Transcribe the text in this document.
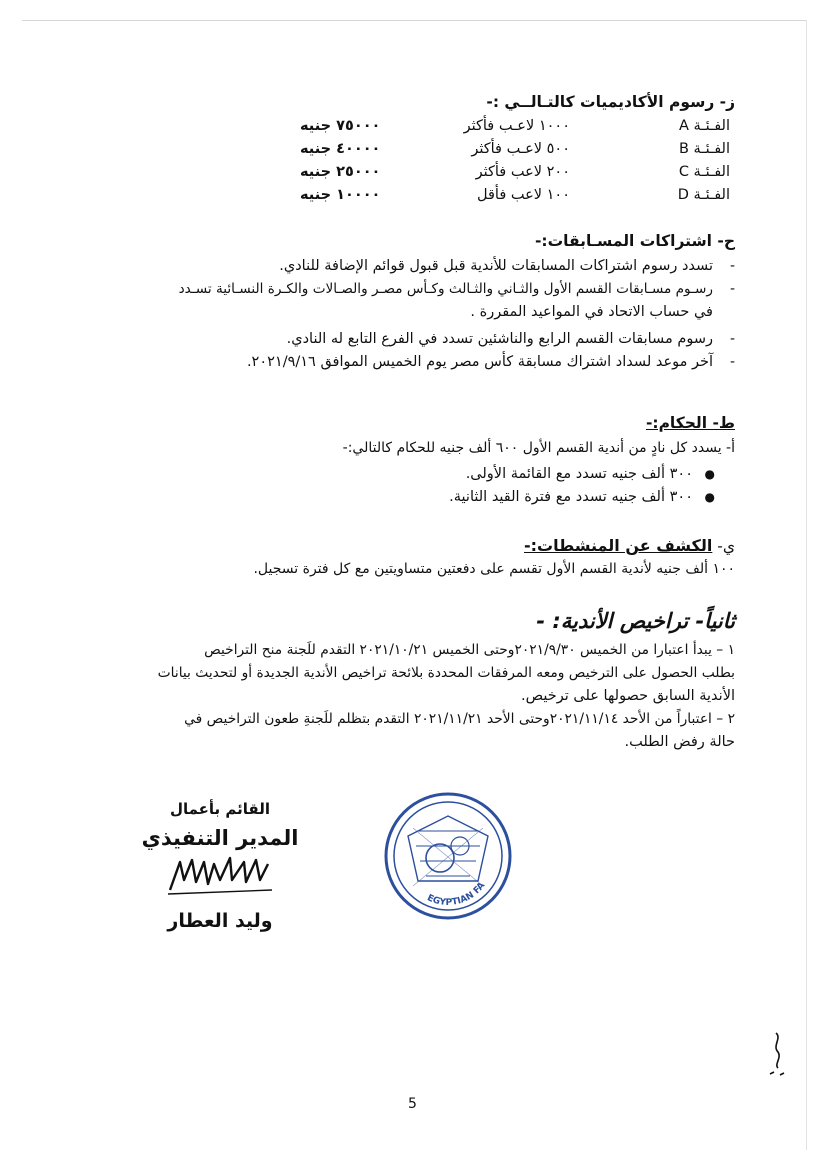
ز- رسوم الأكاديميات كالتـالــي :-
الفـئـة A
١٠٠٠ لاعـب فأكثر
٧٥٠٠٠ جنيه
الفـئـة B
٥٠٠ لاعـب فأكثر
٤٠٠٠٠ جنيه
الفـئـة C
٢٠٠ لاعب فأكثر
٢٥٠٠٠ جنيه
الفـئـة D
١٠٠ لاعب فأقل
١٠٠٠٠ جنيه
ح- اشتراكات المسـابقات:-
-
تسدد رسوم اشتراكات المسابقات للأندية قبل قبول قوائم الإضافة للنادي.
-
رسـوم مسـابقات القسم الأول والثـاني والثـالث وكـأس مصـر والصـالات والكـرة النسـائية تسـدد
في حساب الاتحاد في المواعيد المقررة .
-
رسوم مسابقات القسم الرابع والناشئين تسدد في الفرع التابع له النادي.
-
آخر موعد لسداد اشتراك مسابقة كأس مصر يوم الخميس الموافق ٢٠٢١/٩/١٦.
ط- الحكام:-
أ- يسدد كل نادٍ من أندية القسم الأول ٦٠٠ ألف جنيه للحكام كالتالي:-
●
٣٠٠ ألف جنيه تسدد مع القائمة الأولى.
●
٣٠٠ ألف جنيه تسدد مع فترة القيد الثانية.
ي- الكشف عن المنشطات:-
١٠٠ ألف جنيه لأندية القسم الأول تقسم على دفعتين متساويتين مع كل فترة تسجيل.
ثانياً- تراخيص الأندية: -
١ – يبدأ اعتبارا من الخميس ٢٠٢١/٩/٣٠وحتى الخميس ٢٠٢١/١٠/٢١ التقدم للَجنة منح التراخيص
بطلب الحصول على الترخيص ومعه المرفقات المحددة بلائحة تراخيص الأندية الجديدة أو لتحديث بيانات
الأندية السابق حصولها على ترخيص.
٢ – اعتباراً من الأحد ٢٠٢١/١١/١٤وحتى الأحد ٢٠٢١/١١/٢١ التقدم بتظلم للَجنةِ طعون التراخيص في
حالة رفض الطلب.
EGYPTIAN FA
القائم بأعمال
المدير التنفيذي
وليد العطار
5
